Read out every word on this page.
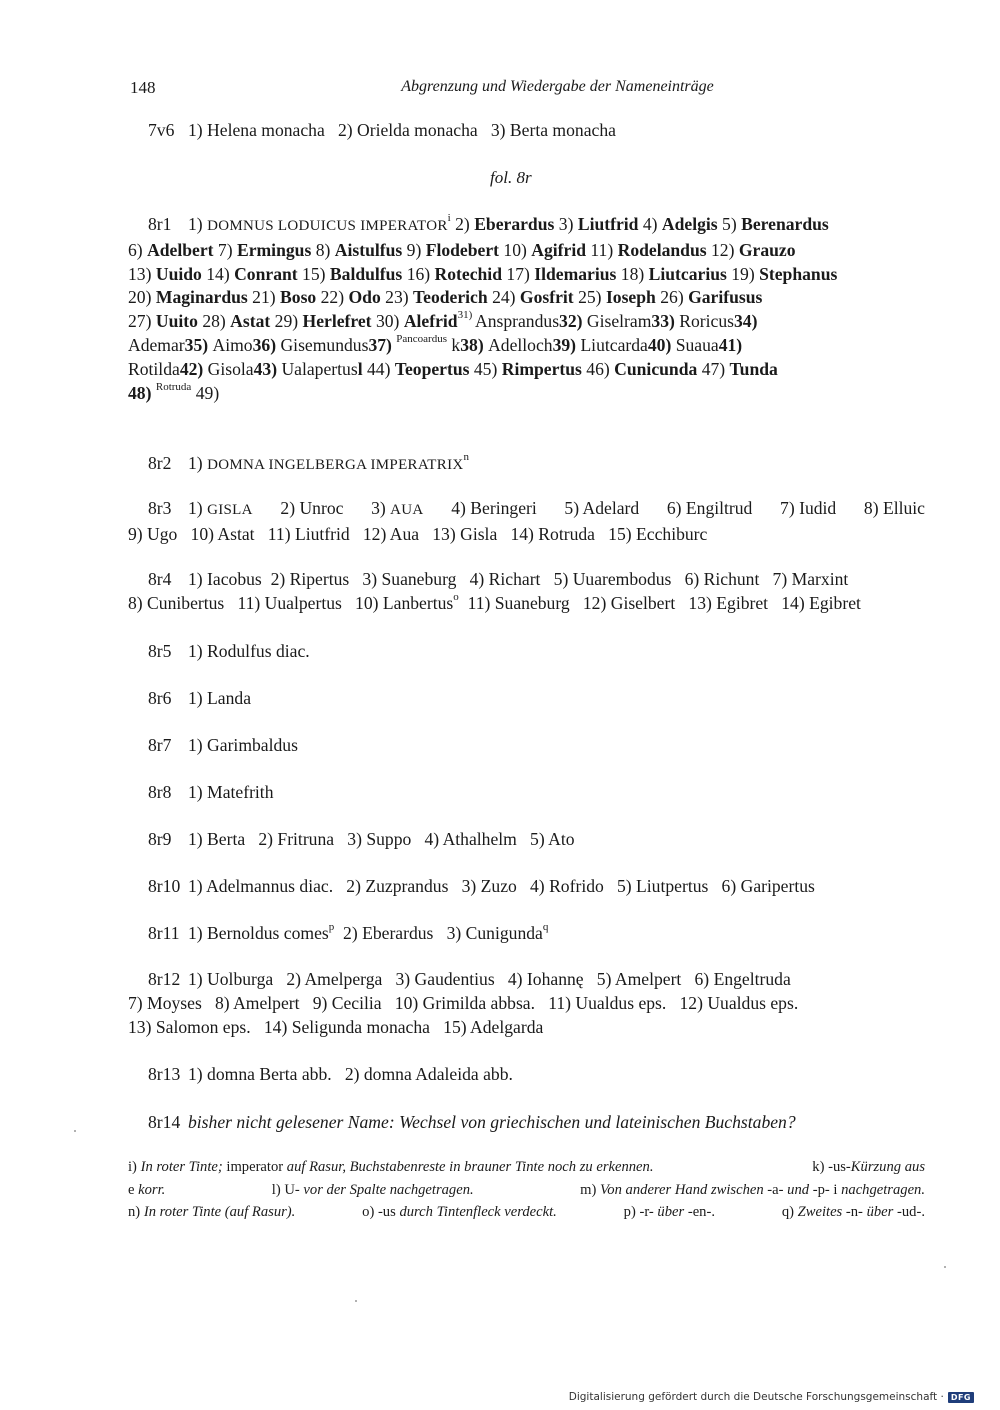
148	Abgrenzung und Wiedergabe der Nameneinträge
7v6 1) Helena monacha   2) Orielda monacha   3) Berta monacha
fol. 8r
8r1 1) DOMNUS LODUICUS IMPERATOR$^i$ 2) Eberardus 3) Liutfrid 4) Adelgis 5) Berenardus
6) Adelbert 7) Ermingus 8) Aistulfus 9) Flodebert 10) Agifrid 11) Rodelandus 12) Grauzo
13) Uuido 14) Conrant 15) Baldulfus 16) Rotechid 17) Ildemarius 18) Liutcarius 19) Stephanus
20) Maginardus 21) Boso 22) Odo 23) Teoderich 24) Gosfrit 25) Ioseph 26) Garifusus
27) Uuito 28) Astat 29) Herlefret 30) Alefrid$^{31)}$ Ansprandus32) Giselram33) Roricus34)
Ademar35) Aimo36) Gisemundus37) $^{Pancoardus}$ k38) Adelloch39) Liutcarda40) Suaua41)
Rotilda42) Gisola43) Ualapertusl 44) Teopertus 45) Rimpertus 46) Cunicunda 47) Tunda
48) $^{Rotruda}$ 49)
8r2 1) DOMNA INGELBERGA IMPERATRIX$^n$
8r3 1) GISLA 2) Unroc 3) AUA 4) Beringeri 5) Adelard 6) Engiltrud 7) Iudid 8) Elluic
9) Ugo   10) Astat   11) Liutfrid   12) Aua   13) Gisla   14) Rotruda   15) Ecchiburc
8r4 1) Iacobus  2) Ripertus   3) Suaneburg   4) Richart   5) Uuarembodus   6) Richunt   7) Marxint
8) Cunibertus   11) Uualpertus   10) Lanbertus$^o$ 11) Suaneburg   12) Giselbert   13) Egibret   14) Egibret
8r5 1) Rodulfus diac.
8r6 1) Landa
8r7 1) Garimbaldus
8r8 1) Matefrith
8r9 1) Berta   2) Fritruna   3) Suppo   4) Athalhelm   5) Ato
8r10 1) Adelmannus diac.   2) Zuzprandus   3) Zuzo   4) Rofrido   5) Liutpertus   6) Garipertus
8r11 1) Bernoldus comes$^p$ 2) Eberardus   3) Cunigunda$^q$
8r12 1) Uolburga   2) Amelperga   3) Gaudentius   4) Iohannę   5) Amelpert   6) Engeltruda
7) Moyses   8) Amelpert   9) Cecilia   10) Grimilda abbsa.   11) Uualdus eps.   12) Uualdus eps.
13) Salomon eps.   14) Seligunda monacha   15) Adelgarda
8r13 1) domna Berta abb.   2) domna Adaleida abb.
8r14 bisher nicht gelesener Name: Wechsel von griechischen und lateinischen Buchstaben?
i) In roter Tinte; imperator auf Rasur, Buchstabenreste in brauner Tinte noch zu erkennen.	k) -us-Kürzung aus
e korr.	l) U- vor der Spalte nachgetragen.	m) Von anderer Hand zwischen -a- und -p- i nachgetragen.
n) In roter Tinte (auf Rasur).	o) -us durch Tintenfleck verdeckt.	p) -r- über -en-.	q) Zweites -n- über -ud-.
Digitalisierung gefördert durch die Deutsche Forschungsgemeinschaft · DFG
